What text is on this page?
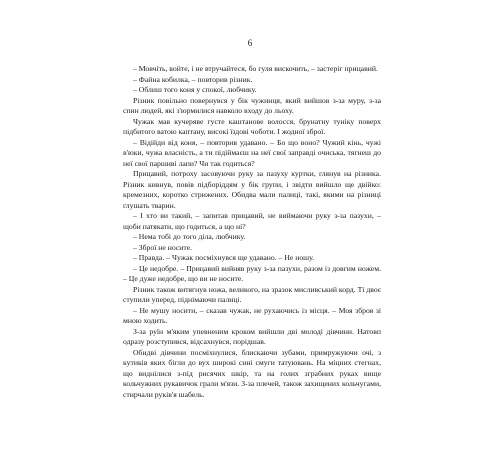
6

– Мовчіть, войте, і не втручайтеся, бо гуля вискочить, – застеріг прицавий.

– Файна кобилка, – повторив різник.

– Облиш того коня у спокої, любчику.

Різник повільно повернувся у бік чужинця, який вийшов з-за муру, з-за спин людей, які з'юрмилися навколо входу до льоху.

Чужак мав кучеряве густе каштанове волосся, брунатну туніку поверх підбитого ватою каптану, високі їздові чоботи. І жодної зброї.

– Відійди від коня, – повторив удавано. – Бо що воно? Чужий кінь, чужі в'юки, чужа власність, а ти підіймаєш на неї свої заправді очиська, тягнеш до неї свої паршиві лапи? Чи так годиться?

Прицавий, потроху засовуючи руку за пазуху куртки, глянув на різника. Різник кивнув, повів підборіддям у бік групи, і звідти вийшло ще двійко: кремезних, коротко стрижених. Обидва мали палиці, такі, якими на різниці глушать тварин.

– І хто ви такий, – запитав прицавий, не виймаючи руку з-за пазухи, – щоби патякати, що годиться, а що ні?

– Нема тобі до того діла, любчику.

– Зброї не носите.

– Правда. – Чужак посміхнувся ще удавано. – Не ношу.

– Це недобре. – Прицавий вийняв руку з-за пазухи, разом із довгим ножем. – Це дуже недобре, що ви не носите.

Різник також витягнув ножа, великого, на зразок мисливський корд. Ті двоє ступили уперед, піднімаючи палиці.

– Не мушу носити, – сказав чужак, не рухаючись із місця. – Моя зброя зі мною ходить.

З-за руїн м'яким упевненим кроком вийшли дві молоді дівчини. Натовп одразу розступився, відсахнувся, порідшав.

Обидві дівчини посміхнулися, блискаючи зубами, примружуючи очі, з кутиків яких бігли до вух широкі сині смуги татуювань. На міцних стегнах, що виднілися з-під рисячих шкір, та на голих зграбних руках вище кольчужних рукавичок грали м'язи. З-за плечей, також захищених кольчугами, стирчали руків'я шабель.
